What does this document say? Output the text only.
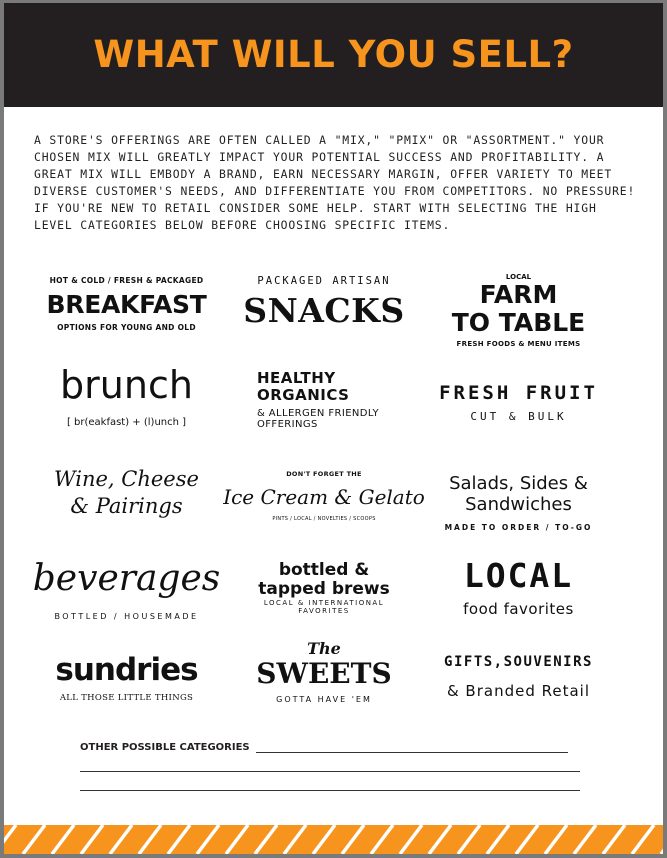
WHAT WILL YOU SELL?
A STORE'S OFFERINGS ARE OFTEN CALLED A "MIX," "PMIX" OR "ASSORTMENT." YOUR CHOSEN MIX WILL GREATLY IMPACT YOUR POTENTIAL SUCCESS AND PROFITABILITY. A GREAT MIX WILL EMBODY A BRAND, EARN NECESSARY MARGIN, OFFER VARIETY TO MEET DIVERSE CUSTOMER'S NEEDS, AND DIFFERENTIATE YOU FROM COMPETITORS. NO PRESSURE! IF YOU'RE NEW TO RETAIL CONSIDER SOME HELP. START WITH SELECTING THE HIGH LEVEL CATEGORIES BELOW BEFORE CHOOSING SPECIFIC ITEMS.
HOT & COLD / FRESH & PACKAGED
BREAKFAST
OPTIONS FOR YOUNG AND OLD
PACKAGED ARTISAN
SNACKS
LOCAL
FARM
TO TABLE
FRESH FOODS & MENU ITEMS
brunch
[ br(eakfast) + (l)unch ]
HEALTHY
ORGANICS
& ALLERGEN FRIENDLY
OFFERINGS
FRESH FRUIT
CUT & BULK
Wine, Cheese
& Pairings
DON'T FORGET THE
Ice Cream & Gelato
PINTS / LOCAL / NOVELTIES / SCOOPS
Salads, Sides &
Sandwiches
MADE TO ORDER / TO-GO
beverages
BOTTLED / HOUSEMADE
bottled &
tapped brews
LOCAL & INTERNATIONAL
FAVORITES
LOCAL
food favorites
sundries
ALL THOSE LITTLE THINGS
The
SWEETS
GOTTA HAVE 'EM
GIFTS,SOUVENIRS
& Branded Retail
OTHER POSSIBLE CATEGORIES
